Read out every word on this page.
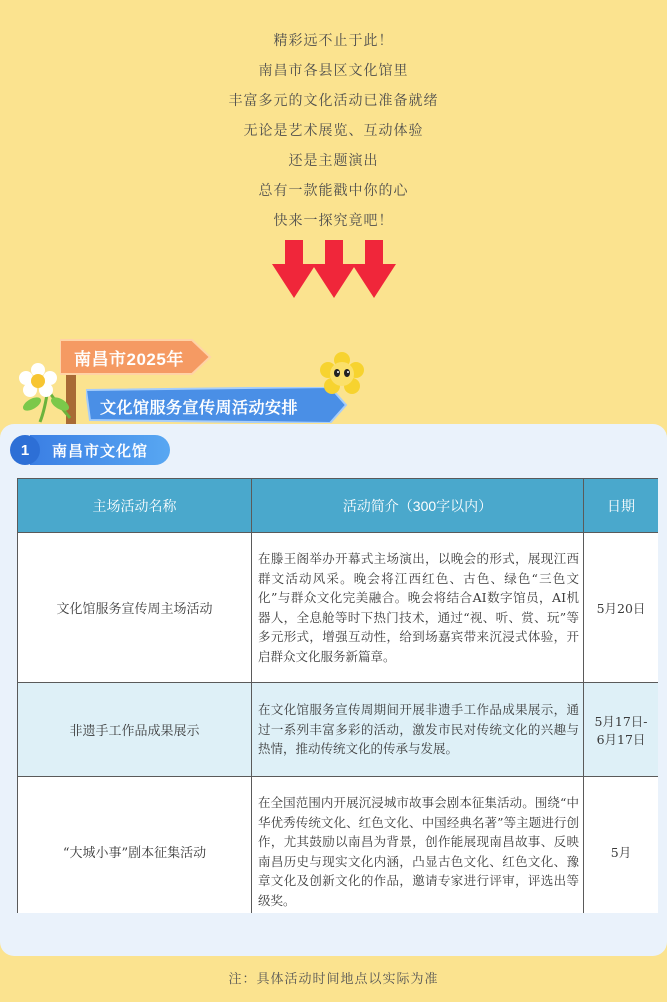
精彩远不止于此！
南昌市各县区文化馆里
丰富多元的文化活动已准备就绪
无论是艺术展览、互动体验
还是主题演出
总有一款能戳中你的心
快来一探究竟吧！
南昌市2025年
文化馆服务宣传周活动安排
1	南昌市文化馆
主场活动名称	活动简介（300字以内）	日期
文化馆服务宣传周主场活动	在滕王阁举办开幕式主场演出，以晚会的形式，展现江西群文活动风采。晚会将江西红色、古色、绿色“三色文化”与群众文化完美融合。晚会将结合AI数字馆员，AI机器人，全息舱等时下热门技术，通过“视、听、赏、玩”等多元形式，增强互动性，给到场嘉宾带来沉浸式体验，开启群众文化服务新篇章。	5月20日

非遗手工作品成果展示	在文化馆服务宣传周期间开展非遗手工作品成果展示，通过一系列丰富多彩的活动，激发市民对传统文化的兴趣与热情，推动传统文化的传承与发展。	5月17日-
6月17日

“大城小事”剧本征集活动	在全国范围内开展沉浸城市故事会剧本征集活动。围绕“中华优秀传统文化、红色文化、中国经典名著”等主题进行创作，尤其鼓励以南昌为背景，创作能展现南昌故事、反映南昌历史与现实文化内涵，凸显古色文化、红色文化、豫章文化及创新文化的作品，邀请专家进行评审，评选出等级奖。	5月
注：具体活动时间地点以实际为准
